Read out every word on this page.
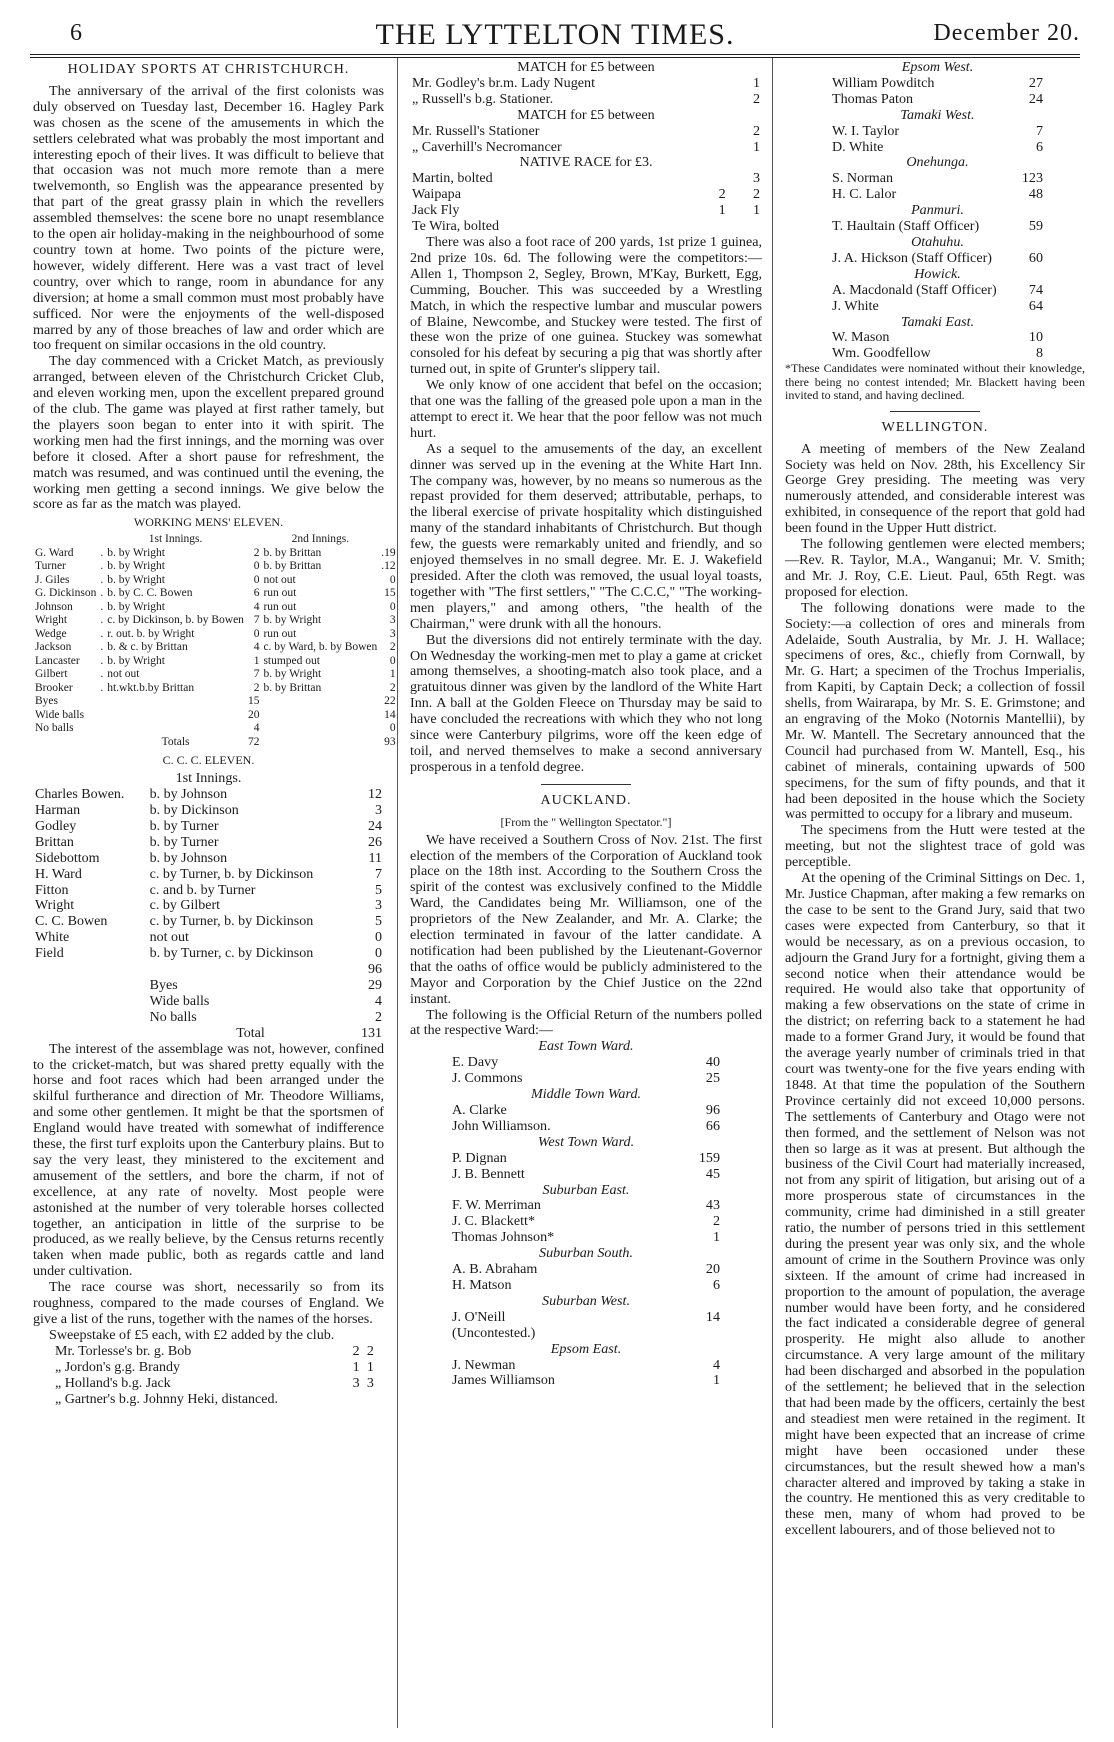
6	THE LYTTELTON TIMES.	December 20.
HOLIDAY SPORTS AT CHRISTCHURCH.

The anniversary of the arrival of the first colonists was duly observed on Tuesday last, December 16. Hagley Park was chosen as the scene of the amusements in which the settlers celebrated what was probably the most important and interesting epoch of their lives. It was difficult to believe that that occasion was not much more remote than a mere twelvemonth, so English was the appearance presented by that part of the great grassy plain in which the revellers assembled themselves: the scene bore no unapt resemblance to the open air holiday-making in the neighbourhood of some country town at home. Two points of the picture were, however, widely different. Here was a vast tract of level country, over which to range, room in abundance for any diversion; at home a small common must most probably have sufficed. Nor were the enjoyments of the well-disposed marred by any of those breaches of law and order which are too frequent on similar occasions in the old country.

The day commenced with a Cricket Match, as previously arranged, between eleven of the Christchurch Cricket Club, and eleven working men, upon the excellent prepared ground of the club. The game was played at first rather tamely, but the players soon began to enter into it with spirit. The working men had the first innings, and the morning was over before it closed. After a short pause for refreshment, the match was resumed, and was continued until the evening, the working men getting a second innings. We give below the score as far as the match was played.

WORKING MENS' ELEVEN.
		1st Innings.		2nd Innings.	
G. Ward	.	b. by Wright	2	b. by Brittan	.19
Turner	.	b. by Wright	0	b. by Brittan	.12
J. Giles	.	b. by Wright	0	not out	0
G. Dickinson	.	b. by C. C. Bowen	6	run out	15
Johnson	.	b. by Wright	4	run out	0
Wright	.	c. by Dickinson, b. by Bowen	7	b. by Wright	3
Wedge	.	r. out. b. by Wright	0	run out	3
Jackson	.	b. & c. by Brittan	4	c. by Ward, b. by Bowen	2
Lancaster	.	b. by Wright	1	stumped out	0
Gilbert	.	not out	7	b. by Wright	1
Brooker	.	ht.wkt.b.by Brittan	2	b. by Brittan	2
Byes			15		22
Wide balls			20		14
No balls			4		0
		Totals	72		93
C. C. C. ELEVEN.
1st Innings.
Charles Bowen.	b. by Johnson	12
Harman	b. by Dickinson	3
Godley	b. by Turner	24
Brittan	b. by Turner	26
Sidebottom	b. by Johnson	11
H. Ward	c. by Turner, b. by Dickinson	7
Fitton	c. and b. by Turner	5
Wright	c. by Gilbert	3
C. C. Bowen	c. by Turner, b. by Dickinson	5
White	not out	0
Field	b. by Turner, c. by Dickinson	0
		96
	Byes	29
	Wide balls	4
	No balls	2
	Total	131

The interest of the assemblage was not, however, confined to the cricket-match, but was shared pretty equally with the horse and foot races which had been arranged under the skilful furtherance and direction of Mr. Theodore Williams, and some other gentlemen. It might be that the sportsmen of England would have treated with somewhat of indifference these, the first turf exploits upon the Canterbury plains. But to say the very least, they ministered to the excitement and amusement of the settlers, and bore the charm, if not of excellence, at any rate of novelty. Most people were astonished at the number of very tolerable horses collected together, an anticipation in little of the surprise to be produced, as we really believe, by the Census returns recently taken when made public, both as regards cattle and land under cultivation.

The race course was short, necessarily so from its roughness, compared to the made courses of England. We give a list of the runs, together with the names of the horses.

Sweepstake of £5 each, with £2 added by the club.

Mr. Torlesse's br. g. Bob	2	2
„ Jordon's g.g. Brandy	1	1
„ Holland's b.g. Jack	3	3
„ Gartner's b.g. Johnny Heki, distanced.		
MATCH for £5 between
Mr. Godley's br.m. Lady Nugent	1
„ Russell's b.g. Stationer.	2
MATCH for £5 between
Mr. Russell's Stationer	2
„ Caverhill's Necromancer	1
NATIVE RACE for £3.
Martin, bolted		3
Waipapa	2	2
Jack Fly	1	1
Te Wira, bolted		

There was also a foot race of 200 yards, 1st prize 1 guinea, 2nd prize 10s. 6d. The following were the competitors:—Allen 1, Thompson 2, Segley, Brown, M'Kay, Burkett, Egg, Cumming, Boucher. This was succeeded by a Wrestling Match, in which the respective lumbar and muscular powers of Blaine, Newcombe, and Stuckey were tested. The first of these won the prize of one guinea. Stuckey was somewhat consoled for his defeat by securing a pig that was shortly after turned out, in spite of Grunter's slippery tail.

We only know of one accident that befel on the occasion; that one was the falling of the greased pole upon a man in the attempt to erect it. We hear that the poor fellow was not much hurt.

As a sequel to the amusements of the day, an excellent dinner was served up in the evening at the White Hart Inn. The company was, however, by no means so numerous as the repast provided for them deserved; attributable, perhaps, to the liberal exercise of private hospitality which distinguished many of the standard inhabitants of Christchurch. But though few, the guests were remarkably united and friendly, and so enjoyed themselves in no small degree. Mr. E. J. Wakefield presided. After the cloth was removed, the usual loyal toasts, together with "The first settlers," "The C.C.C," "The working-men players," and among others, "the health of the Chairman," were drunk with all the honours.

But the diversions did not entirely terminate with the day. On Wednesday the working-men met to play a game at cricket among themselves, a shooting-match also took place, and a gratuitous dinner was given by the landlord of the White Hart Inn. A ball at the Golden Fleece on Thursday may be said to have concluded the recreations with which they who not long since were Canterbury pilgrims, wore off the keen edge of toil, and nerved themselves to make a second anniversary prosperous in a tenfold degree.

AUCKLAND.
[From the " Wellington Spectator."]

We have received a Southern Cross of Nov. 21st. The first election of the members of the Corporation of Auckland took place on the 18th inst. According to the Southern Cross the spirit of the contest was exclusively confined to the Middle Ward, the Candidates being Mr. Williamson, one of the proprietors of the New Zealander, and Mr. A. Clarke; the election terminated in favour of the latter candidate. A notification had been published by the Lieutenant-Governor that the oaths of office would be publicly administered to the Mayor and Corporation by the Chief Justice on the 22nd instant.

The following is the Official Return of the numbers polled at the respective Ward:—

East Town Ward.
E. Davy	40
J. Commons	25
Middle Town Ward.
A. Clarke	96
John Williamson.	66
West Town Ward.
P. Dignan	159
J. B. Bennett	45
Suburban East.
F. W. Merriman	43
J. C. Blackett*	2
Thomas Johnson*	1
Suburban South.
A. B. Abraham	20
H. Matson	6
Suburban West.
J. O'Neill	14
(Uncontested.)	
Epsom East.
J. Newman	4
James Williamson	1
Epsom West.
William Powditch	27
Thomas Paton	24
Tamaki West.
W. I. Taylor	7
D. White	6
Onehunga.
S. Norman	123
H. C. Lalor	48
Panmuri.
T. Haultain (Staff Officer)	59
Otahuhu.
J. A. Hickson (Staff Officer)	60
Howick.
A. Macdonald (Staff Officer)	74
J. White	64
Tamaki East.
W. Mason	10
Wm. Goodfellow	8
*These Candidates were nominated without their knowledge, there being no contest intended; Mr. Blackett having been invited to stand, and having declined.
WELLINGTON.

A meeting of members of the New Zealand Society was held on Nov. 28th, his Excellency Sir George Grey presiding. The meeting was very numerously attended, and considerable interest was exhibited, in consequence of the report that gold had been found in the Upper Hutt district.

The following gentlemen were elected members;—Rev. R. Taylor, M.A., Wanganui; Mr. V. Smith; and Mr. J. Roy, C.E. Lieut. Paul, 65th Regt. was proposed for election.

The following donations were made to the Society:—a collection of ores and minerals from Adelaide, South Australia, by Mr. J. H. Wallace; specimens of ores, &c., chiefly from Cornwall, by Mr. G. Hart; a specimen of the Trochus Imperialis, from Kapiti, by Captain Deck; a collection of fossil shells, from Wairarapa, by Mr. S. E. Grimstone; and an engraving of the Moko (Notornis Mantellii), by Mr. W. Mantell. The Secretary announced that the Council had purchased from W. Mantell, Esq., his cabinet of minerals, containing upwards of 500 specimens, for the sum of fifty pounds, and that it had been deposited in the house which the Society was permitted to occupy for a library and museum.

The specimens from the Hutt were tested at the meeting, but not the slightest trace of gold was perceptible.

At the opening of the Criminal Sittings on Dec. 1, Mr. Justice Chapman, after making a few remarks on the case to be sent to the Grand Jury, said that two cases were expected from Canterbury, so that it would be necessary, as on a previous occasion, to adjourn the Grand Jury for a fortnight, giving them a second notice when their attendance would be required. He would also take that opportunity of making a few observations on the state of crime in the district; on referring back to a statement he had made to a former Grand Jury, it would be found that the average yearly number of criminals tried in that court was twenty-one for the five years ending with 1848. At that time the population of the Southern Province certainly did not exceed 10,000 persons. The settlements of Canterbury and Otago were not then formed, and the settlement of Nelson was not then so large as it was at present. But although the business of the Civil Court had materially increased, not from any spirit of litigation, but arising out of a more prosperous state of circumstances in the community, crime had diminished in a still greater ratio, the number of persons tried in this settlement during the present year was only six, and the whole amount of crime in the Southern Province was only sixteen. If the amount of crime had increased in proportion to the amount of population, the average number would have been forty, and he considered the fact indicated a considerable degree of general prosperity. He might also allude to another circumstance. A very large amount of the military had been discharged and absorbed in the population of the settlement; he believed that in the selection that had been made by the officers, certainly the best and steadiest men were retained in the regiment. It might have been expected that an increase of crime might have been occasioned under these circumstances, but the result shewed how a man's character altered and improved by taking a stake in the country. He mentioned this as very creditable to these men, many of whom had proved to be excellent labourers, and of those believed not to
